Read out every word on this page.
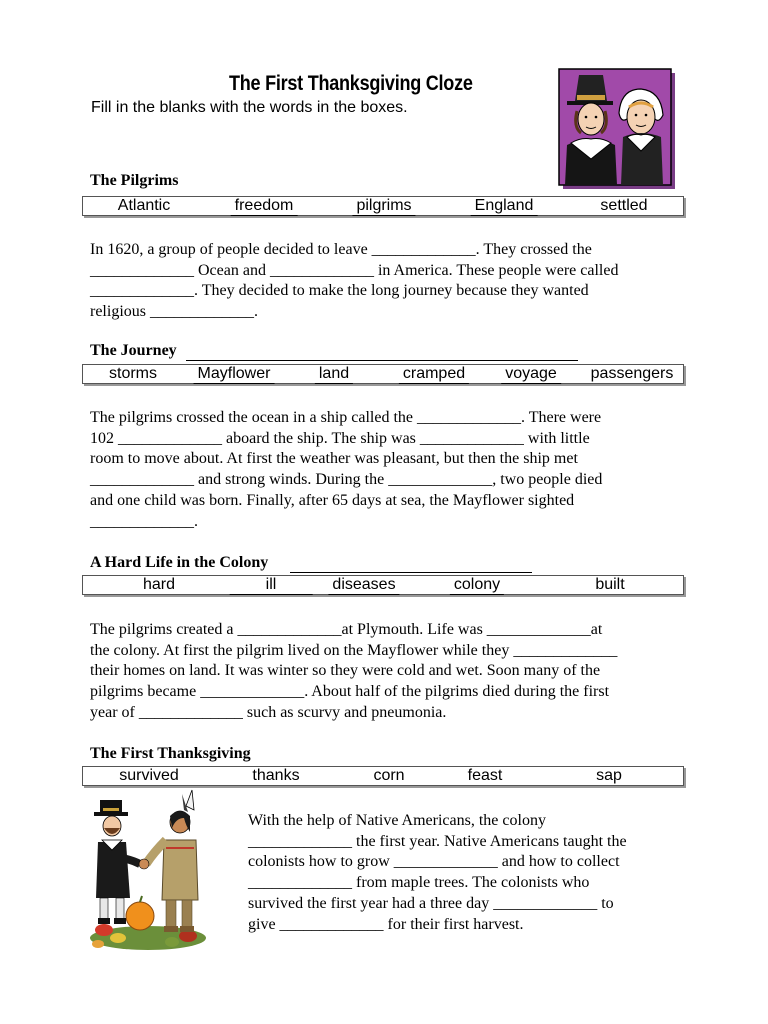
The First Thanksgiving Cloze
Fill in the blanks with the words in the boxes.
The Pilgrims
Atlantic	freedom	pilgrims	England	settled

In 1620, a group of people decided to leave _____________. They crossed the

_____________ Ocean and _____________ in America. These people were called

_____________. They decided to make the long journey because they wanted

religious _____________.

The Journey
storms	Mayflower	land	cramped	voyage passengers

The pilgrims crossed the ocean in a ship called the _____________. There were

102 _____________ aboard the ship. The ship was _____________ with little

room to move about. At first the weather was pleasant, but then the ship met

_____________ and strong winds. During the _____________, two people died

and one child was born. Finally, after 65 days at sea, the Mayflower sighted

_____________.

A Hard Life in the Colony
hard	ill	diseases	colony	built

The pilgrims created a _____________at Plymouth. Life was _____________at

the colony. At first the pilgrim lived on the Mayflower while they _____________

their homes on land. It was winter so they were cold and wet. Soon many of the

pilgrims became _____________. About half of the pilgrims died during the first

year of _____________ such as scurvy and pneumonia.

The First Thanksgiving
survived	thanks	corn	feast	sap

With the help of Native Americans, the colony

_____________ the first year. Native Americans taught the

colonists how to grow _____________ and how to collect

_____________ from maple trees. The colonists who

survived the first year had a three day _____________ to

give _____________ for their first harvest.
